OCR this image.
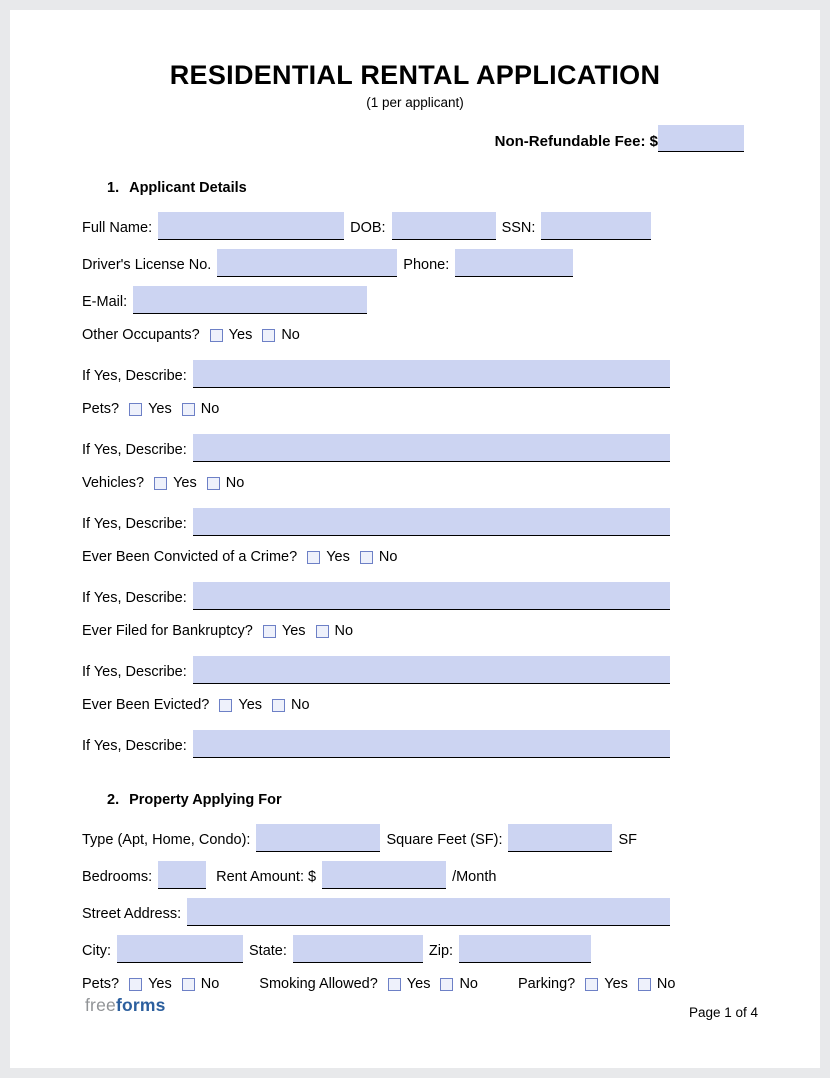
RESIDENTIAL RENTAL APPLICATION
(1 per applicant)
Non-Refundable Fee: $
1. Applicant Details
Full Name:	DOB:	SSN:
Driver's License No.	Phone:
E-Mail:
Other Occupants? Yes No
If Yes, Describe:
Pets? Yes No
If Yes, Describe:
Vehicles? Yes No
If Yes, Describe:
Ever Been Convicted of a Crime? Yes No
If Yes, Describe:
Ever Filed for Bankruptcy? Yes No
If Yes, Describe:
Ever Been Evicted? Yes No
If Yes, Describe:
2. Property Applying For
Type (Apt, Home, Condo):	Square Feet (SF):	SF
Bedrooms:	Rent Amount: $	/Month
Street Address:
City:	State:	Zip:
Pets? Yes No	Smoking Allowed? Yes No	Parking? Yes No
freeforms	Page 1 of 4
